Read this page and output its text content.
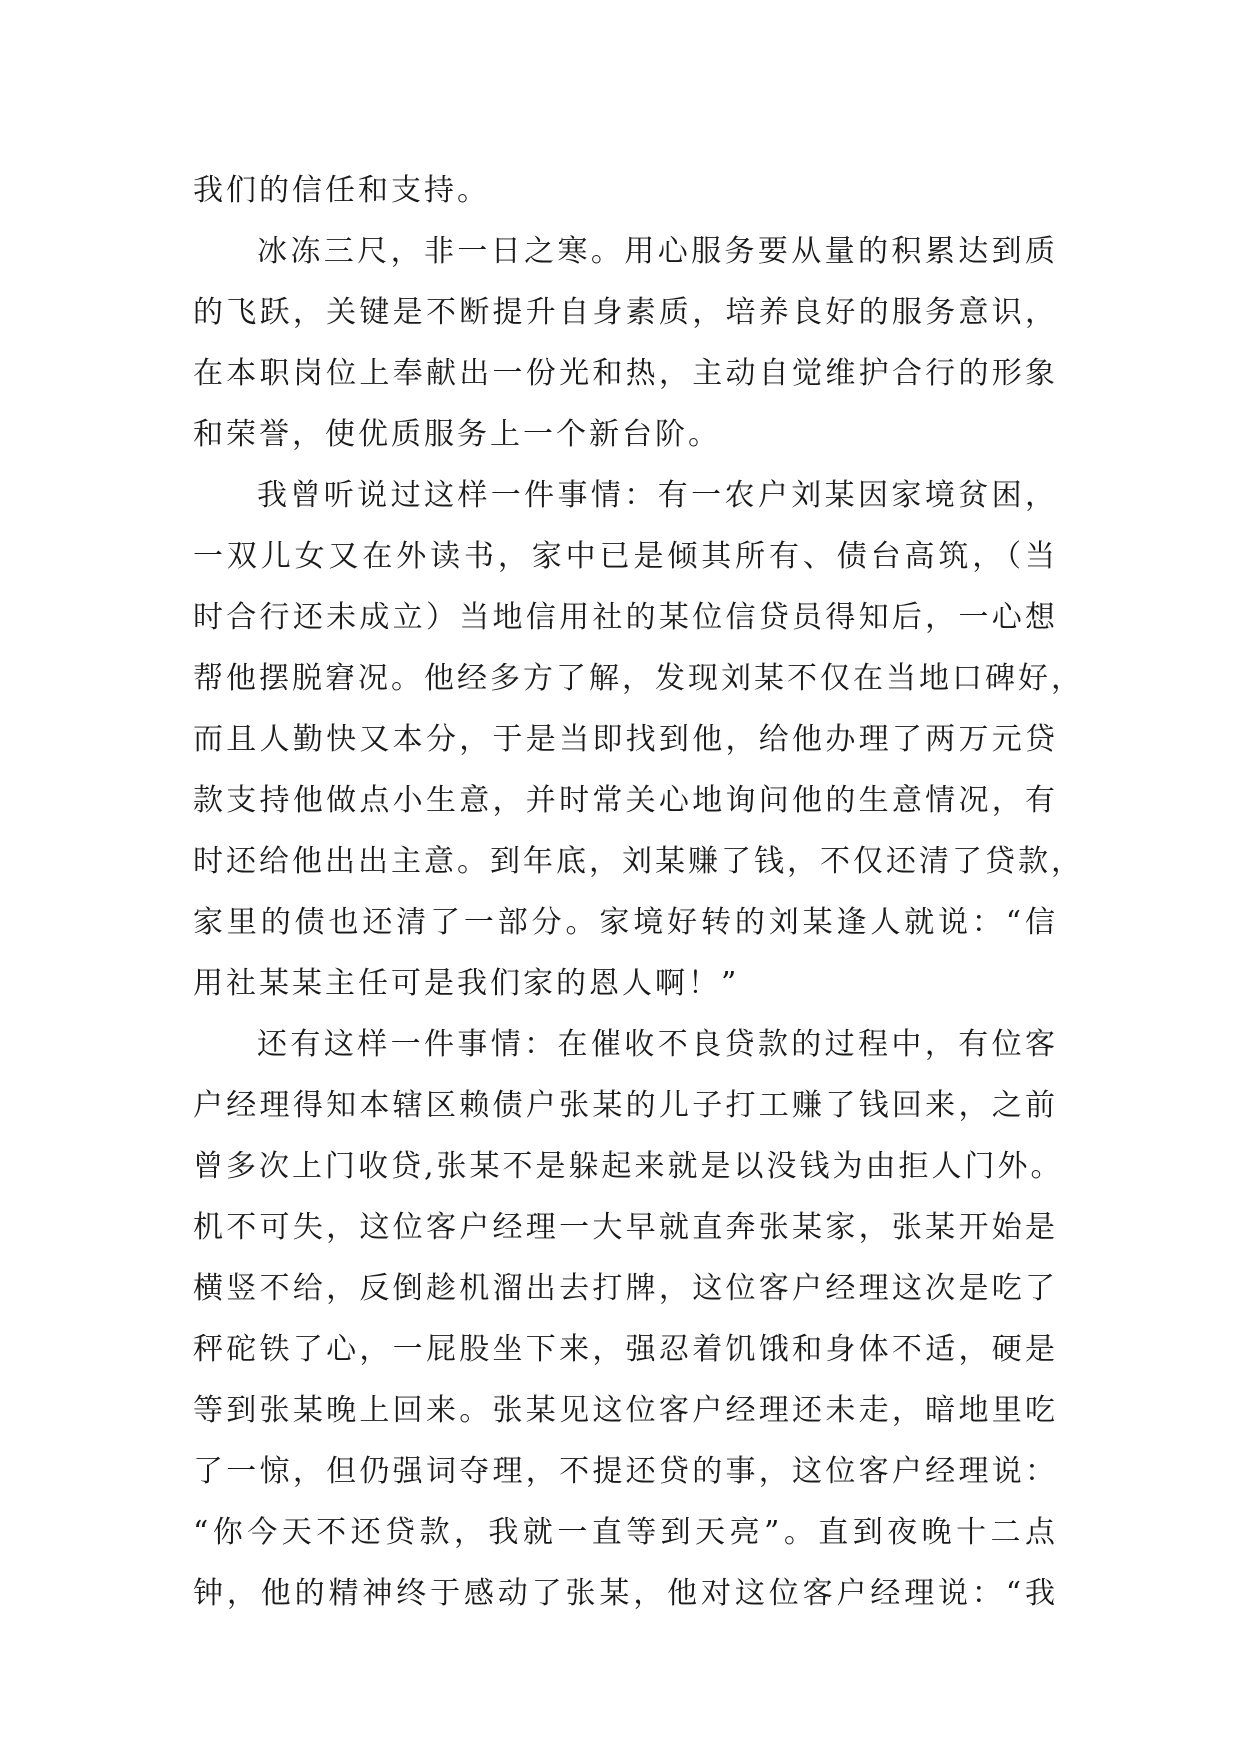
我们的信任和支持。
冰冻三尺，非一日之寒。用心服务要从量的积累达到质
的飞跃，关键是不断提升自身素质，培养良好的服务意识，
在本职岗位上奉献出一份光和热，主动自觉维护合行的形象
和荣誉，使优质服务上一个新台阶。
我曾听说过这样一件事情：有一农户刘某因家境贫困，
一双儿女又在外读书，家中已是倾其所有、债台高筑，（当
时合行还未成立）当地信用社的某位信贷员得知后，一心想
帮他摆脱窘况。他经多方了解，发现刘某不仅在当地口碑好，
而且人勤快又本分，于是当即找到他，给他办理了两万元贷
款支持他做点小生意，并时常关心地询问他的生意情况，有
时还给他出出主意。到年底，刘某赚了钱，不仅还清了贷款，
家里的债也还清了一部分。家境好转的刘某逢人就说：“信
用社某某主任可是我们家的恩人啊！”
还有这样一件事情：在催收不良贷款的过程中，有位客
户经理得知本辖区赖债户张某的儿子打工赚了钱回来，之前
曾多次上门收贷,张某不是躲起来就是以没钱为由拒人门外。
机不可失，这位客户经理一大早就直奔张某家，张某开始是
横竖不给，反倒趁机溜出去打牌，这位客户经理这次是吃了
秤砣铁了心，一屁股坐下来，强忍着饥饿和身体不适，硬是
等到张某晚上回来。张某见这位客户经理还未走，暗地里吃
了一惊，但仍强词夺理，不提还贷的事，这位客户经理说：
“你今天不还贷款，我就一直等到天亮”。直到夜晚十二点
钟，他的精神终于感动了张某，他对这位客户经理说：“我
